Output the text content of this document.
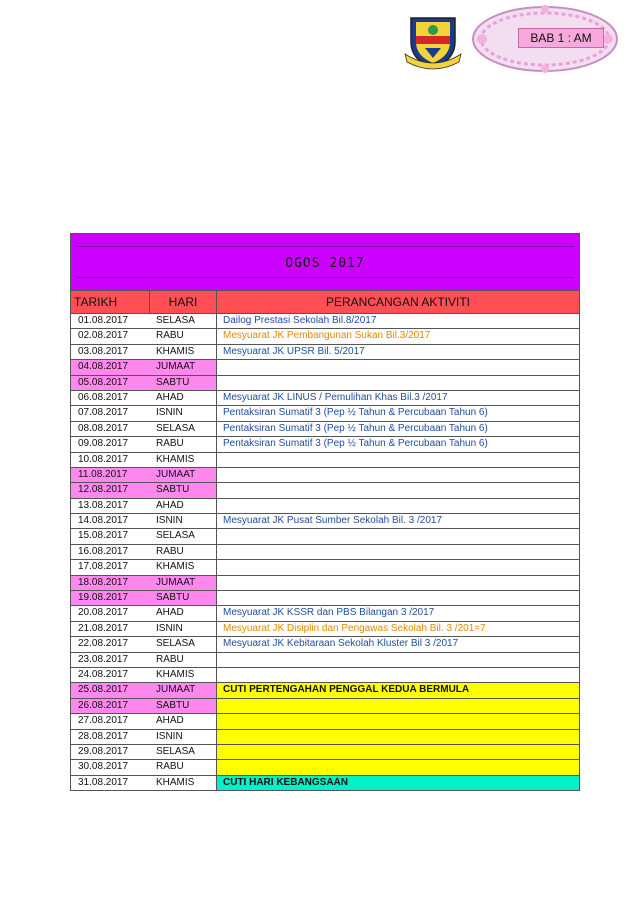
BAB 1 : AM
OGOS 2017
TARIKH	HARI	PERANCANGAN AKTIVITI
01.08.2017	SELASA	Dailog Prestasi Sekolah Bil.8/2017
02.08.2017	RABU	Mesyuarat JK Pembangunan Sukan Bil.3/2017
03.08.2017	KHAMIS	Mesyuarat JK UPSR Bil. 5/2017
04.08.2017	JUMAAT
05.08.2017	SABTU
06.08.2017	AHAD	Mesyuarat JK LINUS / Pemulihan Khas Bil.3 /2017
07.08.2017	ISNIN	Pentaksiran Sumatif 3 (Pep ½ Tahun & Percubaan Tahun 6)
08.08.2017	SELASA	Pentaksiran Sumatif 3 (Pep ½ Tahun & Percubaan Tahun 6)
09.08.2017	RABU	Pentaksiran Sumatif 3 (Pep ½ Tahun & Percubaan Tahun 6)
10.08.2017	KHAMIS
11.08.2017	JUMAAT
12.08.2017	SABTU
13.08.2017	AHAD
14.08.2017	ISNIN	Mesyuarat JK Pusat Sumber Sekolah Bil. 3 /2017
15.08.2017	SELASA
16.08.2017	RABU
17.08.2017	KHAMIS
18.08.2017	JUMAAT
19.08.2017	SABTU
20.08.2017	AHAD	Mesyuarat JK KSSR dan PBS Bilangan 3 /2017
21.08.2017	ISNIN	Mesyuarat JK Disiplin dan Pengawas Sekolah Bil. 3 /201=7
22.08.2017	SELASA	Mesyuarat JK Kebitaraan Sekolah Kluster Bil 3 /2017
23.08.2017	RABU
24.08.2017	KHAMIS
25.08.2017	JUMAAT	CUTI PERTENGAHAN PENGGAL KEDUA BERMULA
26.08.2017	SABTU
27.08.2017	AHAD
28.08.2017	ISNIN
29.08.2017	SELASA
30.08.2017	RABU
31.08.2017	KHAMIS	CUTI HARI KEBANGSAAN
